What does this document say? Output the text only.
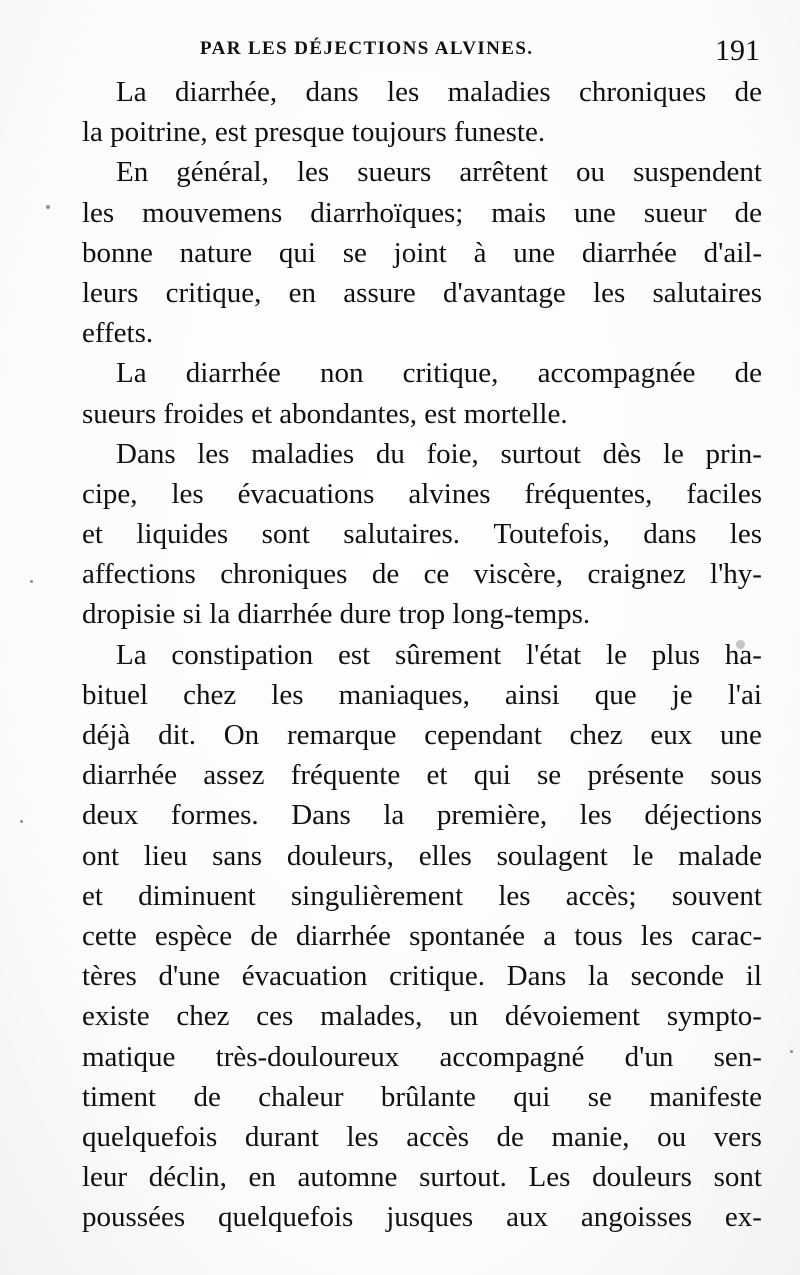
PAR LES DÉJECTIONS ALVINES.	191
La diarrhée, dans les maladies chroniques de
la poitrine, est presque toujours funeste.
En général, les sueurs arrêtent ou suspendent
les mouvemens diarrhoïques; mais une sueur de
bonne nature qui se joint à une diarrhée d'ail-
leurs critique, en assure d'avantage les salutaires
effets.
La diarrhée non critique, accompagnée de
sueurs froides et abondantes, est mortelle.
Dans les maladies du foie, surtout dès le prin-
cipe, les évacuations alvines fréquentes, faciles
et liquides sont salutaires. Toutefois, dans les
affections chroniques de ce viscère, craignez l'hy-
dropisie si la diarrhée dure trop long-temps.
La constipation est sûrement l'état le plus ha-
bituel chez les maniaques, ainsi que je l'ai
déjà dit. On remarque cependant chez eux une
diarrhée assez fréquente et qui se présente sous
deux formes. Dans la première, les déjections
ont lieu sans douleurs, elles soulagent le malade
et diminuent singulièrement les accès; souvent
cette espèce de diarrhée spontanée a tous les carac-
tères d'une évacuation critique. Dans la seconde il
existe chez ces malades, un dévoiement sympto-
matique très-douloureux accompagné d'un sen-
timent de chaleur brûlante qui se manifeste
quelquefois durant les accès de manie, ou vers
leur déclin, en automne surtout. Les douleurs sont
poussées quelquefois jusques aux angoisses ex-
